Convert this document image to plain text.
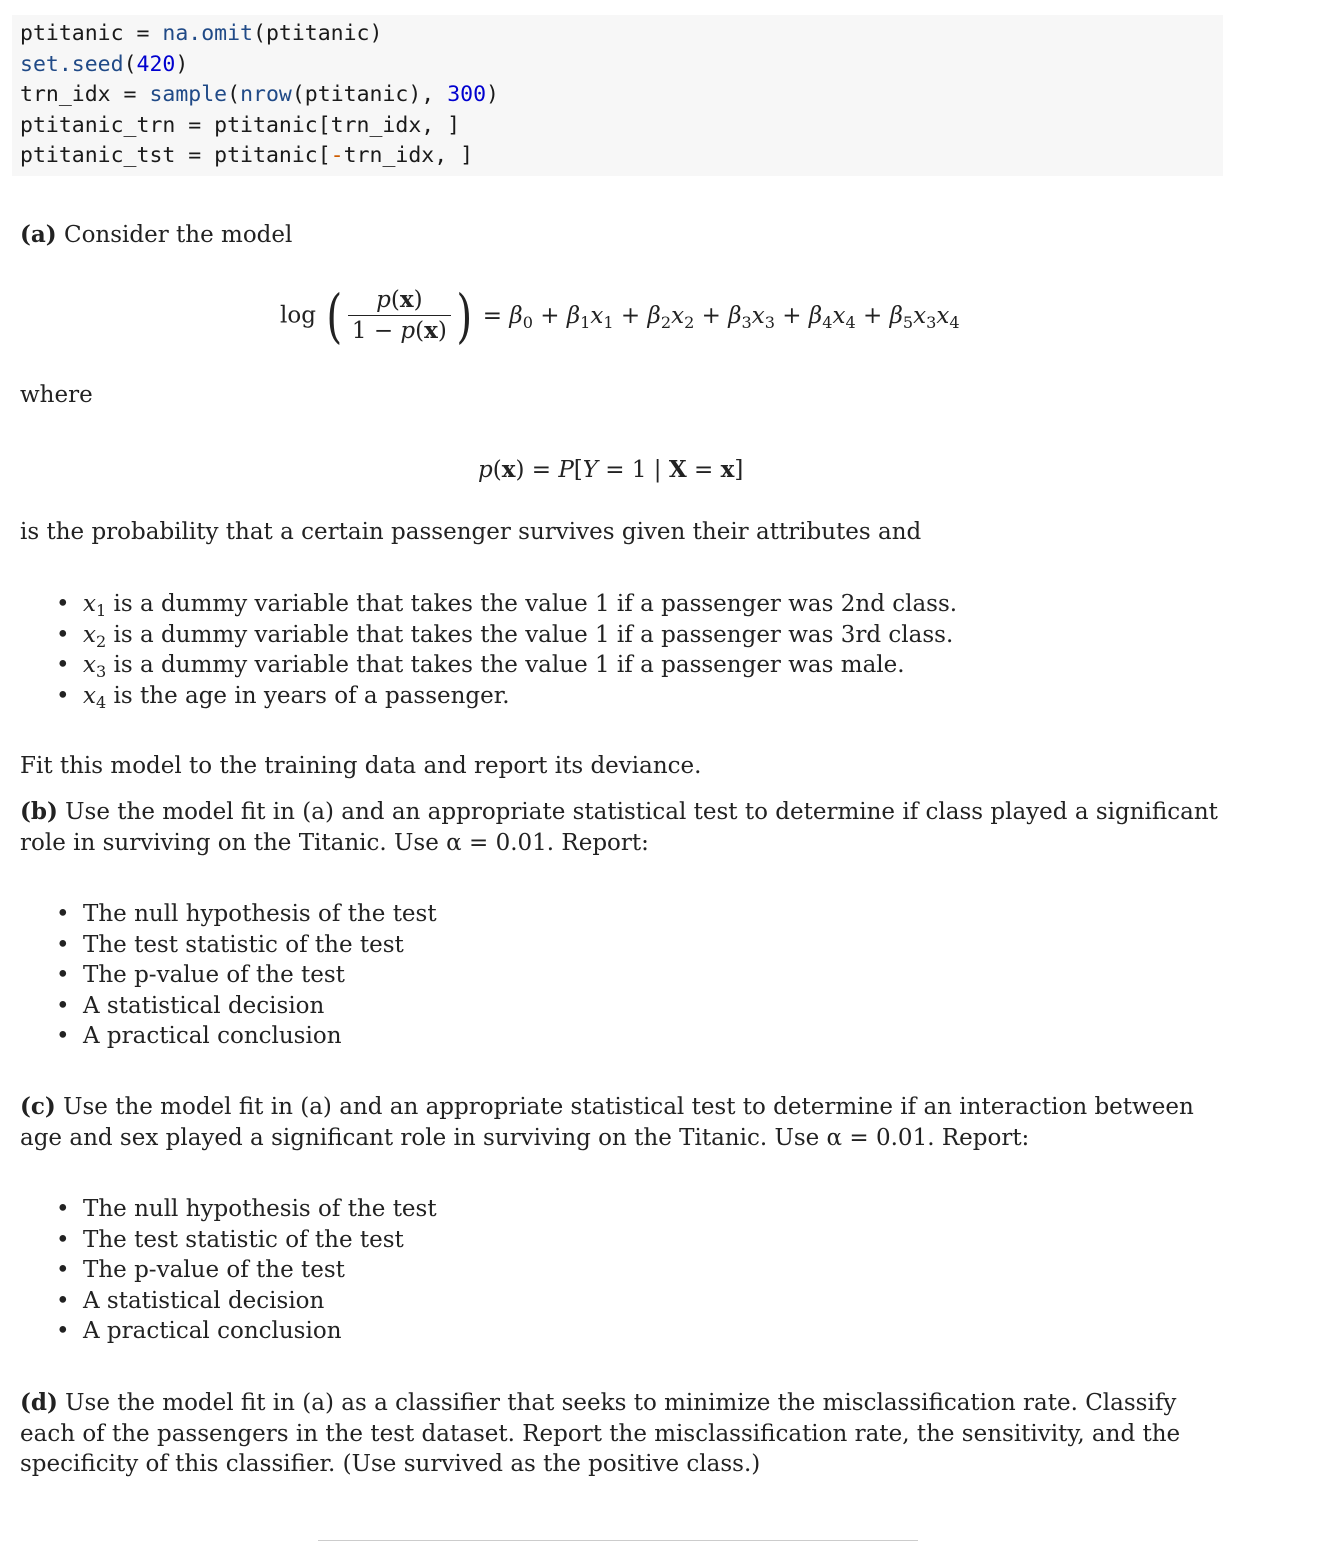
ptitanic = na.omit(ptitanic)
set.seed(420)
trn_idx = sample(nrow(ptitanic), 300)
ptitanic_trn = ptitanic[trn_idx, ]
ptitanic_tst = ptitanic[-trn_idx, ]
(a) Consider the model
log ( $\frac{p(x)}{1 - p(x)}$ ) = $\beta_0 + \beta_1x_1 + \beta_2x_2 + \beta_3x_3 + \beta_4x_4 + \beta_5x_3x_4$
where
p(x) = P[Y = 1 | X = x]
is the probability that a certain passenger survives given their attributes and
• $x_1$ is a dummy variable that takes the value 1 if a passenger was 2nd class.
• $x_2$ is a dummy variable that takes the value 1 if a passenger was 3rd class.
• $x_3$ is a dummy variable that takes the value 1 if a passenger was male.
• $x_4$ is the age in years of a passenger.
Fit this model to the training data and report its deviance.
(b) Use the model fit in (a) and an appropriate statistical test to determine if class played a significant role in surviving on the Titanic. Use α = 0.01. Report:
• The null hypothesis of the test
• The test statistic of the test
• The p-value of the test
• A statistical decision
• A practical conclusion
(c) Use the model fit in (a) and an appropriate statistical test to determine if an interaction between age and sex played a significant role in surviving on the Titanic. Use α = 0.01. Report:
• The null hypothesis of the test
• The test statistic of the test
• The p-value of the test
• A statistical decision
• A practical conclusion
(d) Use the model fit in (a) as a classifier that seeks to minimize the misclassification rate. Classify each of the passengers in the test dataset. Report the misclassification rate, the sensitivity, and the specificity of this classifier. (Use survived as the positive class.)
